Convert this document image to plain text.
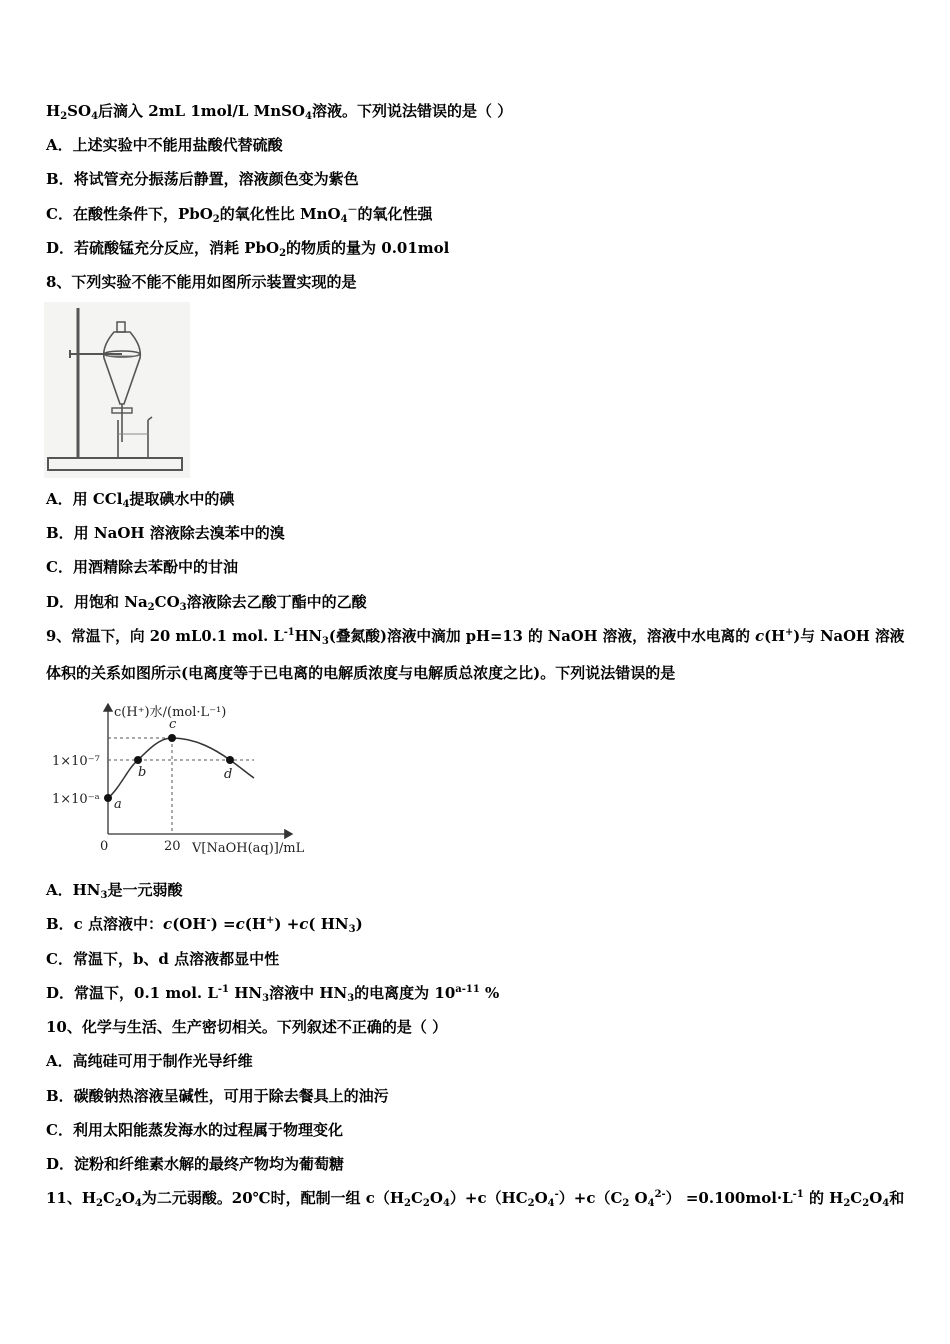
$H_2SO_4$后滴入 2mL 1mol/L MnSO$_4$溶液。下列说法错误的是（ ）
A．上述实验中不能用盐酸代替硫酸
B．将试管充分振荡后静置，溶液颜色变为紫色
C．在酸性条件下，PbO$_2$的氧化性比 MnO$_4$－的氧化性强
D．若硫酸锰充分反应，消耗 PbO$_2$的物质的量为 0.01mol
8、下列实验不能不能用如图所示装置实现的是
A．用 CCl$_4$提取碘水中的碘
B．用 NaOH 溶液除去溴苯中的溴
C．用酒精除去苯酚中的甘油
D．用饱和 $Na_2CO_3$溶液除去乙酸丁酯中的乙酸
9、常温下，向 20 mL0.1 mol. $L^{-1}HN_3$(叠氮酸)溶液中滴加 pH=13 的 NaOH 溶液，溶液中水电离的 c(H+)与 NaOH 溶液
体积的关系如图所示(电离度等于已电离的电解质浓度与电解质总浓度之比)。下列说法错误的是
c(H⁺)水/(mol·L⁻¹)
1×10⁻⁷
1×10⁻ᵃ
0	20 V[NaOH(aq)]/mL
a
b
c
d
A．$HN_3$是一元弱酸
B．c 点溶液中：c(OH-) =c(H+) +c( $HN_3$)
C．常温下，b、d 点溶液都显中性
D．常温下，0.1 mol. $L^{-1}$ $HN_3$溶液中 $HN_3$的电离度为 10$^{a-11}$ %
10、化学与生活、生产密切相关。下列叙述不正确的是（ ）
A．高纯硅可用于制作光导纤维
B．碳酸钠热溶液呈碱性，可用于除去餐具上的油污
C．利用太阳能蒸发海水的过程属于物理变化
D．淀粉和纤维素水解的最终产物均为葡萄糖
11、$H_2C_2O_4$为二元弱酸。20℃时，配制一组 $c(H_2C_2O_4)+c(HC_2O_4^-)+c(C_2$ $O_4^{2-}) =0.100mol\cdot L^{-1}$ 的 $H_2C_2O_4$和
